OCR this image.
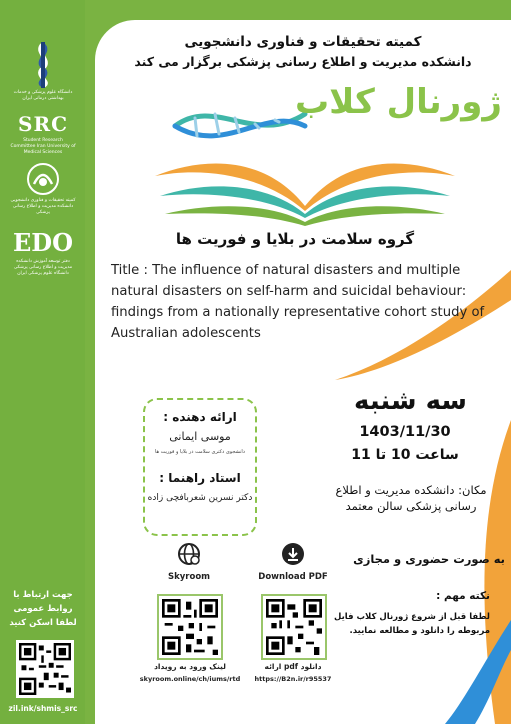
دانشگاه علوم پزشکی و خدمات بهداشتی درمانی ایران
SRC
Student Research Committee Iran University of Medical Sciences
کمیته تحقیقات و فناوری دانشجویی دانشکده مدیریت و اطلاع رسانی پزشکی
EDO
دفتر توسعه آموزش دانشکده مدیریت و اطلاع رسانی پزشکی دانشگاه علوم پزشکی ایران
جهت ارتباط با
روابط عمومی
لطفا اسکن کنید
zil.ink/shmis_src
کمیته تحقیقات و فناوری دانشجویی
دانشکده مدیریت و اطلاع رسانی پزشکی برگزار می کند
ژورنال کلاب
گروه سلامت در بلایا و فوریت ها
Title : The influence of natural disasters and multiple natural disasters on self-harm and suicidal behaviour: findings from a nationally representative cohort study of Australian adolescents
سه شنبه
1403/11/30
ساعت 10 تا 11
مکان: دانشکده مدیریت و اطلاع رسانی پزشکی سالن معتمد
ارائه دهنده :
موسی ایمانی
دانشجوی دکتری سلامت در بلایا و فوریت ها
استاد راهنما :
دکتر نسرین شعربافچی زاده
به صورت حضوری و مجازی
نکته مهم :
لطفا قبل از شروع ژورنال کلاب فایل مربوطه را دانلود و مطالعه نمایید.
Skyroom	Download PDF
لینک ورود به رویداد
skyroom.online/ch/iums/rtd
دانلود pdf ارائه
https://B2n.ir/r95537
